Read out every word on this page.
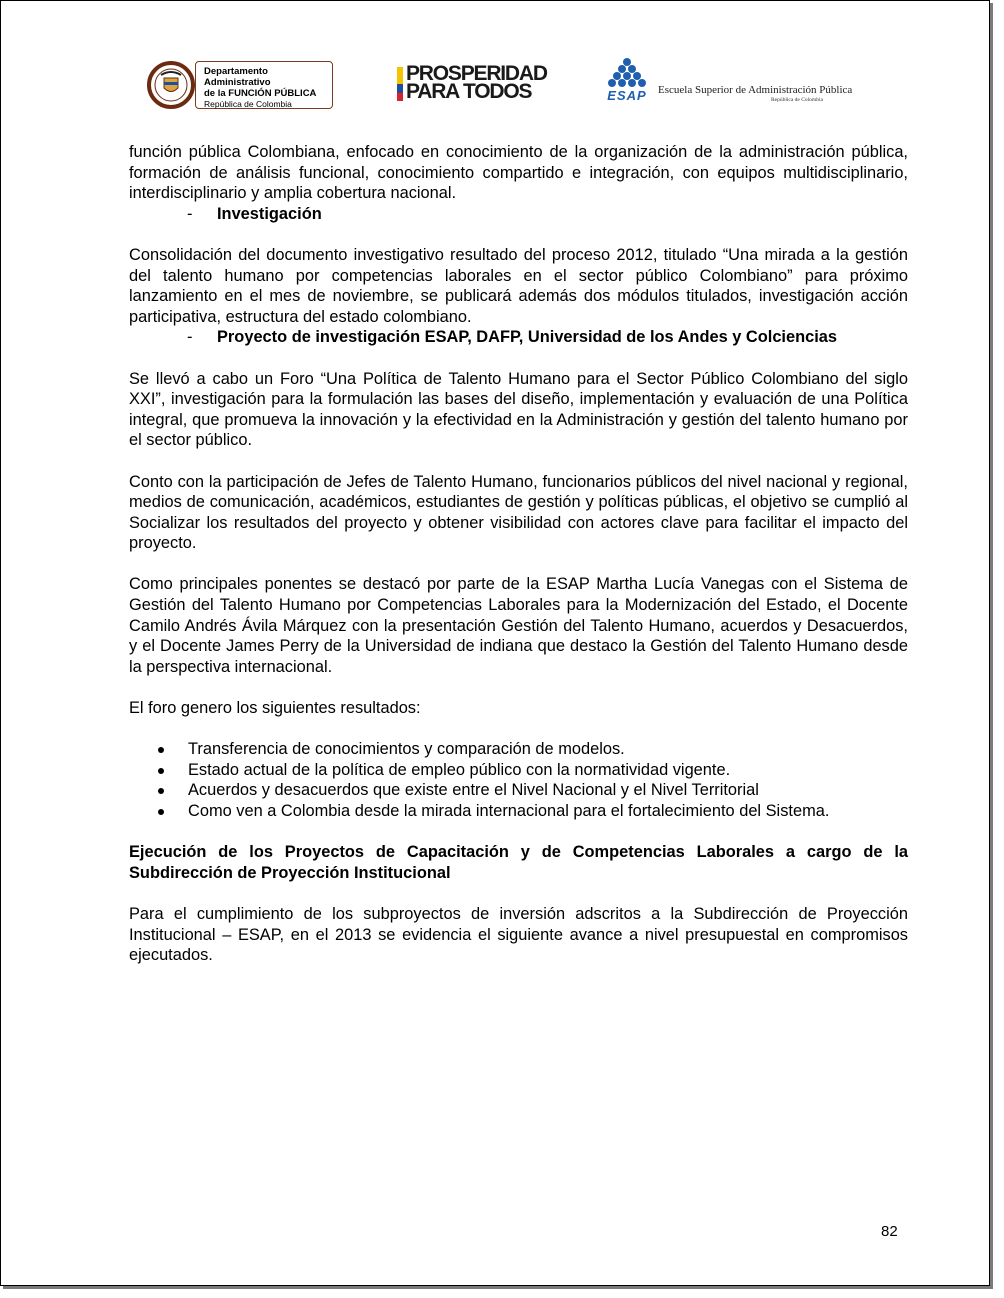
Departamento Administrativo
de la FUNCIÓN PÚBLICA
República de Colombia
PROSPERIDAD
PARA TODOS	ESAP Escuela Superior de Administración Pública
República de Colombia

función pública Colombiana, enfocado en conocimiento de la organización de la administración pública, formación de análisis funcional, conocimiento compartido e integración, con equipos multidisciplinario, interdisciplinario y amplia cobertura nacional.

- Investigación

Consolidación del documento investigativo resultado del proceso 2012, titulado “Una mirada a la gestión del talento humano por competencias laborales en el sector público Colombiano” para próximo lanzamiento en el mes de noviembre, se publicará además dos módulos titulados, investigación acción participativa, estructura del estado colombiano.

- Proyecto de investigación ESAP, DAFP, Universidad de los Andes y Colciencias

Se llevó a cabo un Foro “Una Política de Talento Humano para el Sector Público Colombiano del siglo XXI”, investigación para la formulación las bases del diseño, implementación y evaluación de una Política integral, que promueva la innovación y la efectividad en la Administración y gestión del talento humano por el sector público.

Conto con la participación de Jefes de Talento Humano, funcionarios públicos del nivel nacional y regional, medios de comunicación, académicos, estudiantes de gestión y políticas públicas, el objetivo se cumplió al Socializar los resultados del proyecto y obtener visibilidad con actores clave para facilitar el impacto del proyecto.

Como principales ponentes se destacó por parte de la ESAP Martha Lucía Vanegas con el Sistema de Gestión del Talento Humano por Competencias Laborales para la Modernización del Estado, el Docente Camilo Andrés Ávila Márquez con la presentación Gestión del Talento Humano, acuerdos y Desacuerdos, y el Docente James Perry de la Universidad de indiana que destaco la Gestión del Talento Humano desde la perspectiva internacional.

El foro genero los siguientes resultados:

Transferencia de conocimientos y comparación de modelos.
Estado actual de la política de empleo público con la normatividad vigente.
Acuerdos y desacuerdos que existe entre el Nivel Nacional y el Nivel Territorial
Como ven a Colombia desde la mirada internacional para el fortalecimiento del Sistema.

Ejecución de los Proyectos de Capacitación y de Competencias Laborales a cargo de la Subdirección de Proyección Institucional

Para el cumplimiento de los subproyectos de inversión adscritos a la Subdirección de Proyección Institucional – ESAP, en el 2013 se evidencia el siguiente avance a nivel presupuestal en compromisos ejecutados.

82
